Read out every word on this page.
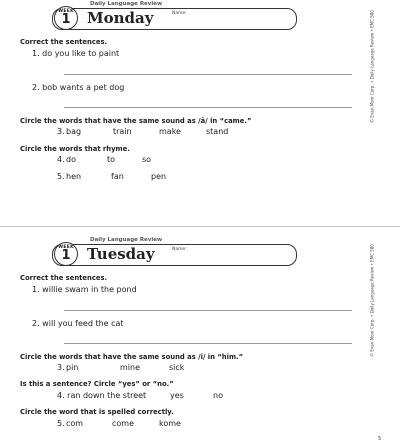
Daily Language Review
WEEK
1 Monday	Name:
Correct the sentences.
1. do you like to paint
2. bob wants a pet dog
Circle the words that have the same sound as /ā/ in “came.”
3. bag	train	make	stand
Circle the words that rhyme.
4. do	to	so
5. hen	fan	pen
© Evan-Moor Corp. • Daily Language Review • EMC 580
Daily Language Review
WEEK
1 Tuesday	Name:
Correct the sentences.
1. willie swam in the pond
2. will you feed the cat
Circle the words that have the same sound as /i/ in “him.”
3. pin	mine	sick
Is this a sentence? Circle “yes” or “no.”
4. ran down the street	yes	no
Circle the word that is spelled correctly.
5. com	come	kome
© Evan-Moor Corp. • Daily Language Review • EMC 580
5
